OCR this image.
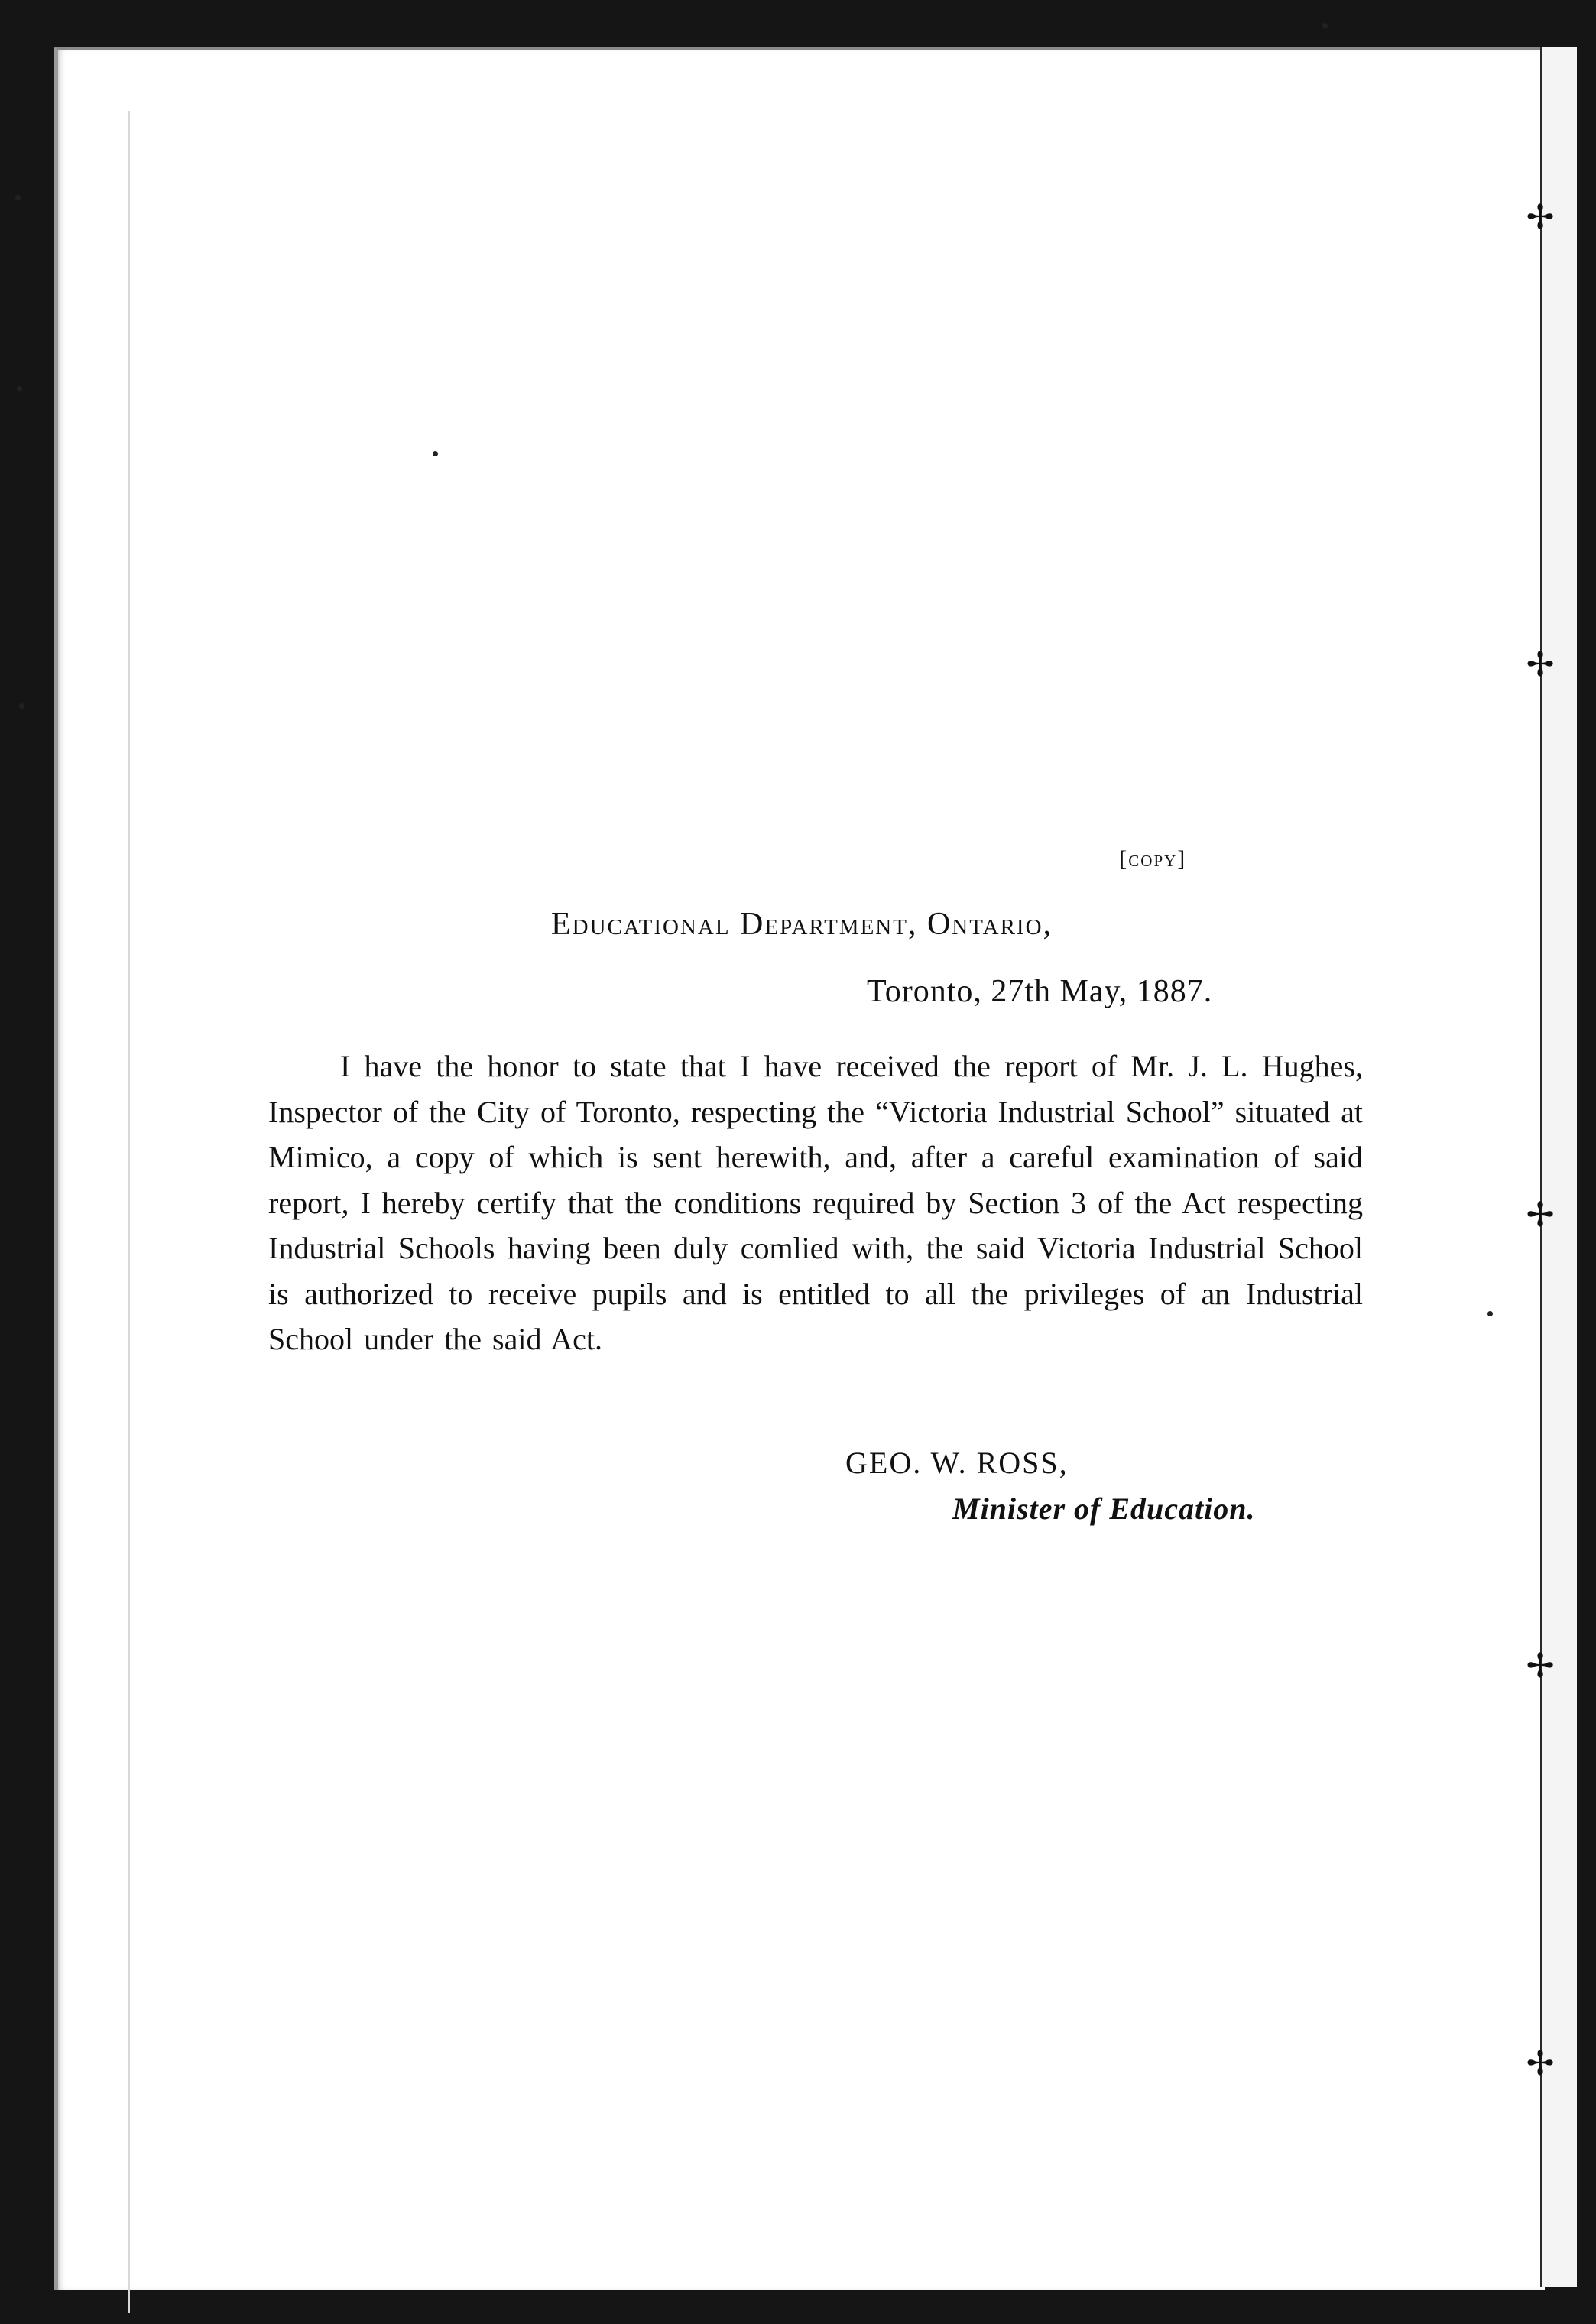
[copy]
Educational Department, Ontario,
Toronto, 27th May, 1887.
I have the honor to state that I have received the report of Mr. J. L. Hughes, Inspector of the City of Toronto, respecting the “Victoria Industrial School” situated at Mimico, a copy of which is sent herewith, and, after a careful examination of said report, I hereby certify that the conditions required by Section 3 of the Act respecting Industrial Schools having been duly comlied with, the said Victoria Industrial School is authorized to receive pupils and is entitled to all the privileges of an Industrial School under the said Act.
GEO. W. ROSS,
Minister of Education.
✢
✢
✢
✢
✢
